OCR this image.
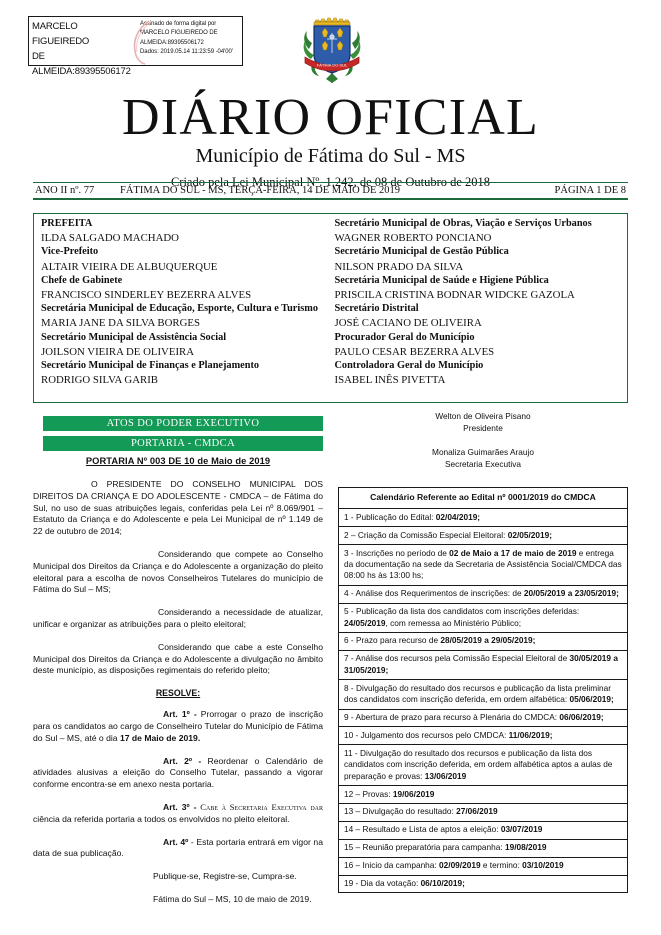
MARCELO FIGUEIREDO
DE
ALMEIDA:89395506172
Assinado de forma digital por
MARCELO FIGUEIREDO DE
ALMEIDA:89395506172
Dados: 2019.05.14 11:23:59 -04'00'
FÁTIMA DO SUL
DIÁRIO OFICIAL
Município de Fátima do Sul - MS
Criado pela Lei Municipal Nº. 1.242, de 08 de Outubro de 2018
ANO II nº. 77	FÁTIMA DO SUL - MS, TERÇA-FEIRA, 14 DE MAIO DE 2019	PÁGINA 1 DE 8
PREFEITA
ILDA SALGADO MACHADO
Vice-Prefeito
ALTAIR VIEIRA DE ALBUQUERQUE
Chefe de Gabinete
FRANCISCO SINDERLEY BEZERRA ALVES
Secretária Municipal de Educação, Esporte, Cultura e Turismo
MARIA JANE DA SILVA BORGES
Secretário Municipal de Assistência Social
JOILSON VIEIRA DE OLIVEIRA
Secretário Municipal de Finanças e Planejamento
RODRIGO SILVA GARIB
Secretário Municipal de Obras, Viação e Serviços Urbanos
WAGNER ROBERTO PONCIANO
Secretário Municipal de Gestão Pública
NILSON PRADO DA SILVA
Secretária Municipal de Saúde e Higiene Pública
PRISCILA CRISTINA BODNAR WIDCKE GAZOLA
Secretário Distrital
JOSÉ CACIANO DE OLIVEIRA
Procurador Geral do Município
PAULO CESAR BEZERRA ALVES
Controladora Geral do Município
ISABEL INÊS PIVETTA
ATOS DO PODER EXECUTIVO
PORTARIA - CMDCA
PORTARIA Nº 003 DE 10 de Maio de 2019
O PRESIDENTE DO CONSELHO MUNICIPAL DOS DIREITOS DA CRIANÇA E DO ADOLESCENTE - CMDCA – de Fátima do Sul, no uso de suas atribuições legais, conferidas pela Lei nº 8.069/901 – Estatuto da Criança e do Adolescente e pela Lei Municipal de nº 1.149 de 22 de outubro de 2014;
Considerando que compete ao Conselho Municipal dos Direitos da Criança e do Adolescente a organização do pleito eleitoral para a escolha de novos Conselheiros Tutelares do município de Fátima do Sul – MS;
Considerando a necessidade de atualizar, unificar e organizar as atribuições para o pleito eleitoral;
Considerando que cabe a este Conselho Municipal dos Direitos da Criança e do Adolescente a divulgação no âmbito deste município, as disposições regimentais do referido pleito;
RESOLVE:
Art. 1º - Prorrogar o prazo de inscrição para os candidatos ao cargo de Conselheiro Tutelar do Município de Fátima do Sul – MS, até o dia 17 de Maio de 2019.
Art. 2º - Reordenar o Calendário de atividades alusivas a eleição do Conselho Tutelar, passando a vigorar conforme encontra-se em anexo nesta portaria.
Art. 3º - Cabe à Secretaria Executiva dar ciência da referida portaria a todos os envolvidos no pleito eleitoral.
Art. 4º - Esta portaria entrará em vigor na data de sua publicação.
Publique-se, Registre-se, Cumpra-se.
Fátima do Sul – MS, 10 de maio de 2019.
Welton de Oliveira Pisano
Presidente
Monaliza Guimarães Araujo
Secretaria Executiva
Calendário Referente ao Edital nº 0001/2019 do CMDCA
1 - Publicação do Edital: 02/04/2019;
2 – Criação da Comissão Especial Eleitoral: 02/05/2019;
3 - Inscrições no período de 02 de Maio a 17 de maio de 2019 e entrega da documentação na sede da Secretaria de Assistência Social/CMDCA das 08:00 hs às 13:00 hs;
4 - Análise dos Requerimentos de inscrições: de 20/05/2019 a 23/05/2019;
5 - Publicação da lista dos candidatos com inscrições deferidas: 24/05/2019, com remessa ao Ministério Público;
6 - Prazo para recurso de 28/05/2019 a 29/05/2019;
7 - Análise dos recursos pela Comissão Especial Eleitoral de 30/05/2019 a 31/05/2019;
8 - Divulgação do resultado dos recursos e publicação da lista preliminar dos candidatos com inscrição deferida, em ordem alfabética: 05/06/2019;
9 - Abertura de prazo para recurso à Plenária do CMDCA: 06/06/2019;
10 - Julgamento dos recursos pelo CMDCA: 11/06/2019;
11 - Divulgação do resultado dos recursos e publicação da lista dos candidatos com inscrição deferida, em ordem alfabética aptos a aulas de preparação e provas: 13/06/2019
12 – Provas: 19/06/2019
13 – Divulgação do resultado: 27/06/2019
14 – Resultado e Lista de aptos a eleição: 03/07/2019
15 – Reunião preparatória para campanha: 19/08/2019
16 – Inicio da campanha: 02/09/2019 e termino: 03/10/2019
19 - Dia da votação: 06/10/2019;
